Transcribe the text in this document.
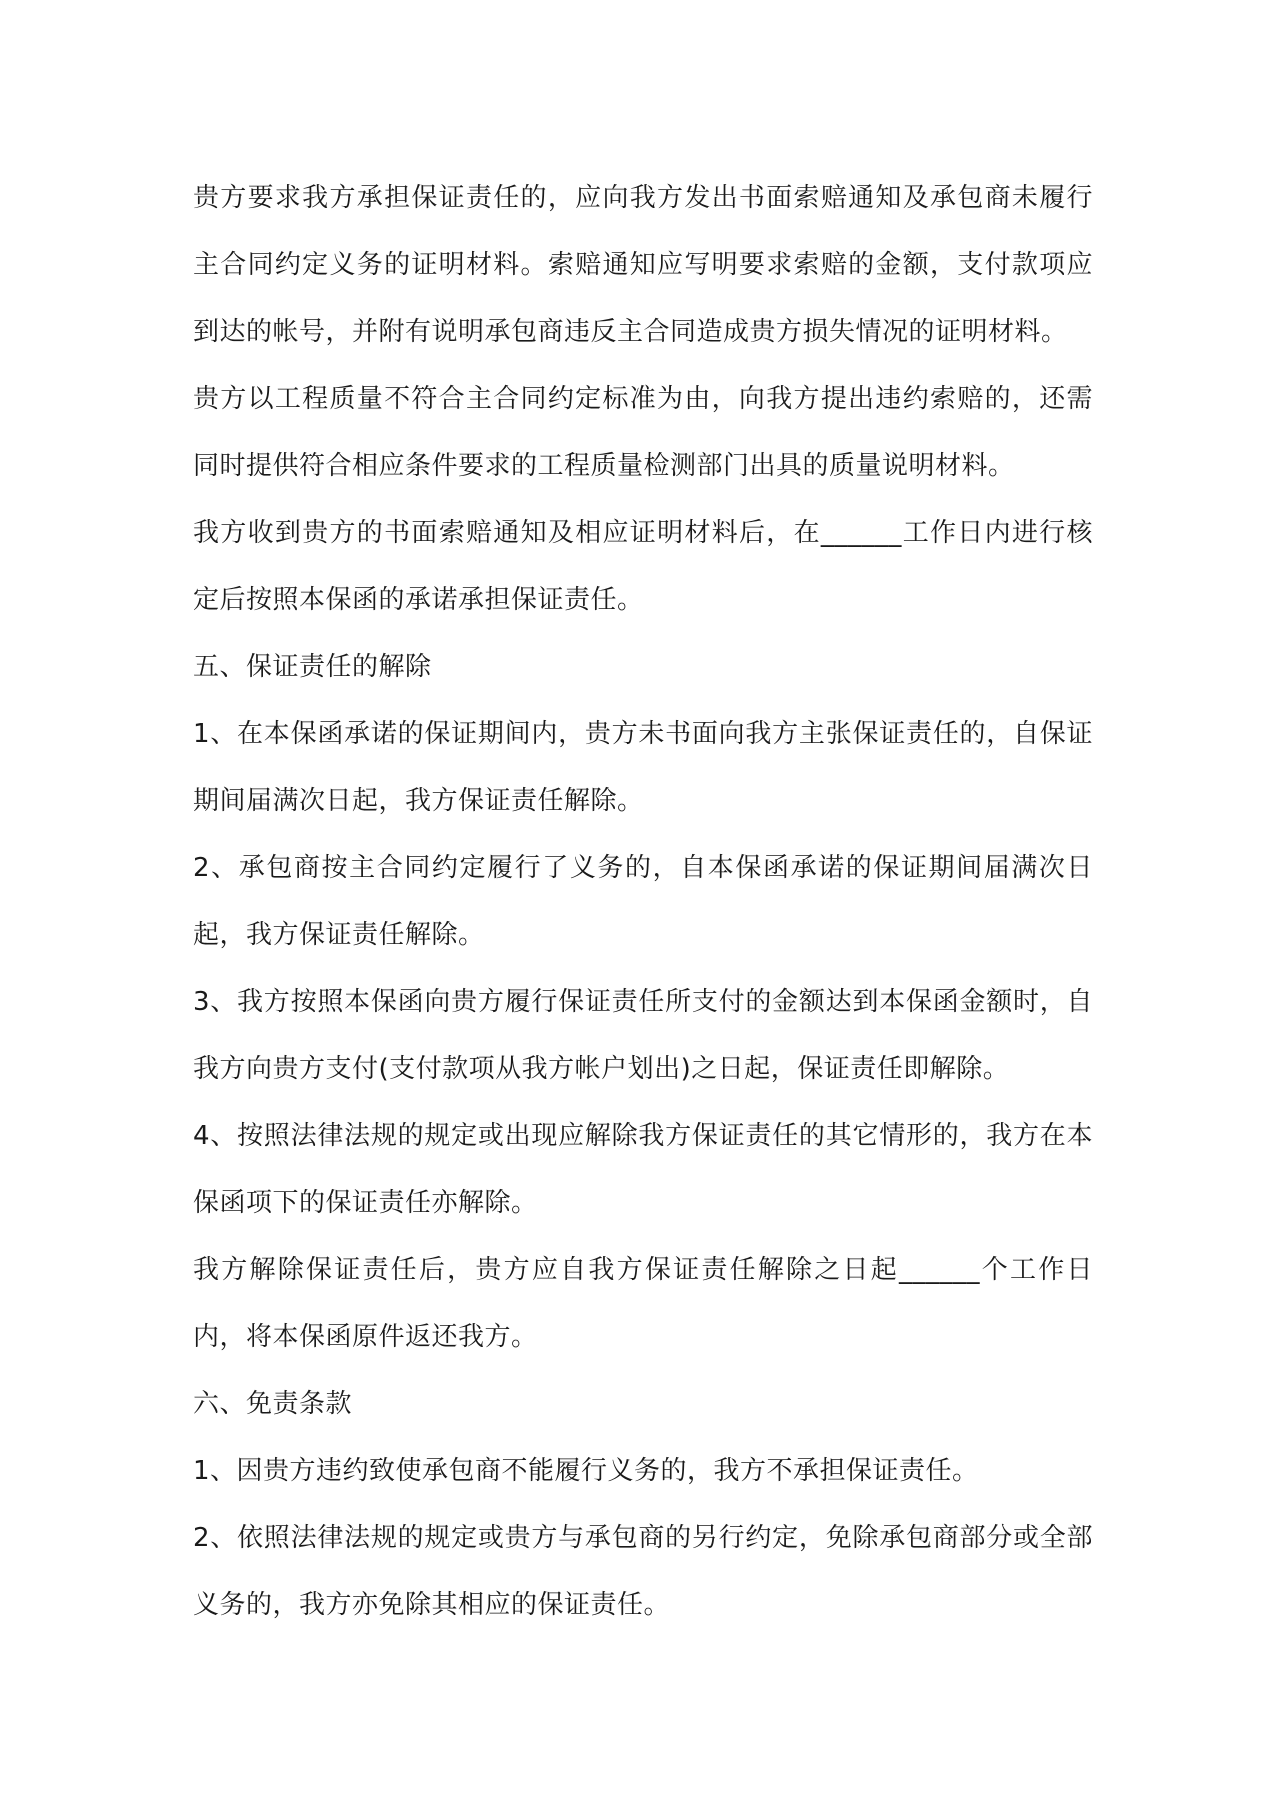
贵方要求我方承担保证责任的，应向我方发出书面索赔通知及承包商未履行主合同约定义务的证明材料。索赔通知应写明要求索赔的金额，支付款项应到达的帐号，并附有说明承包商违反主合同造成贵方损失情况的证明材料。

贵方以工程质量不符合主合同约定标准为由，向我方提出违约索赔的，还需同时提供符合相应条件要求的工程质量检测部门出具的质量说明材料。

我方收到贵方的书面索赔通知及相应证明材料后，在______工作日内进行核定后按照本保函的承诺承担保证责任。

五、保证责任的解除

1、在本保函承诺的保证期间内，贵方未书面向我方主张保证责任的，自保证期间届满次日起，我方保证责任解除。

2、承包商按主合同约定履行了义务的，自本保函承诺的保证期间届满次日起，我方保证责任解除。

3、我方按照本保函向贵方履行保证责任所支付的金额达到本保函金额时，自我方向贵方支付(支付款项从我方帐户划出)之日起，保证责任即解除。

4、按照法律法规的规定或出现应解除我方保证责任的其它情形的，我方在本保函项下的保证责任亦解除。

我方解除保证责任后，贵方应自我方保证责任解除之日起______个工作日内，将本保函原件返还我方。

六、免责条款

1、因贵方违约致使承包商不能履行义务的，我方不承担保证责任。

2、依照法律法规的规定或贵方与承包商的另行约定，免除承包商部分或全部义务的，我方亦免除其相应的保证责任。
